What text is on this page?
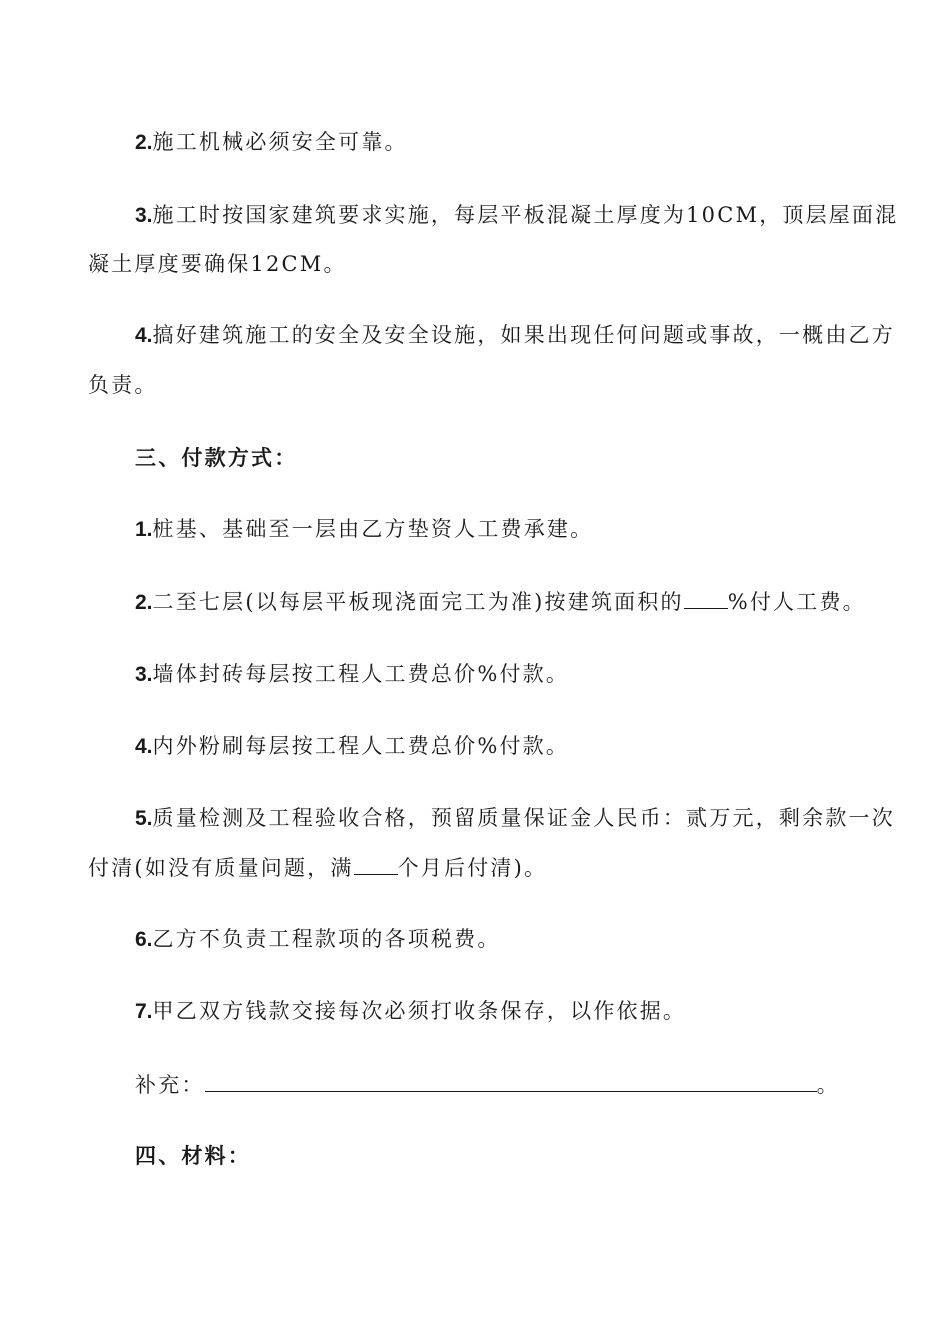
2.施工机械必须安全可靠。
3.施工时按国家建筑要求实施，每层平板混凝土厚度为10CM，顶层屋面混
凝土厚度要确保12CM。
4.搞好建筑施工的安全及安全设施，如果出现任何问题或事故，一概由乙方
负责。
三、付款方式：
1.桩基、基础至一层由乙方垫资人工费承建。
2.二至七层(以每层平板现浇面完工为准)按建筑面积的 %付人工费。
3.墙体封砖每层按工程人工费总价%付款。
4.内外粉刷每层按工程人工费总价%付款。
5.质量检测及工程验收合格，预留质量保证金人民币：贰万元，剩余款一次
付清(如没有质量问题，满 个月后付清)。
6.乙方不负责工程款项的各项税费。
7.甲乙双方钱款交接每次必须打收条保存，以作依据。
补充：	。
四、材料：
